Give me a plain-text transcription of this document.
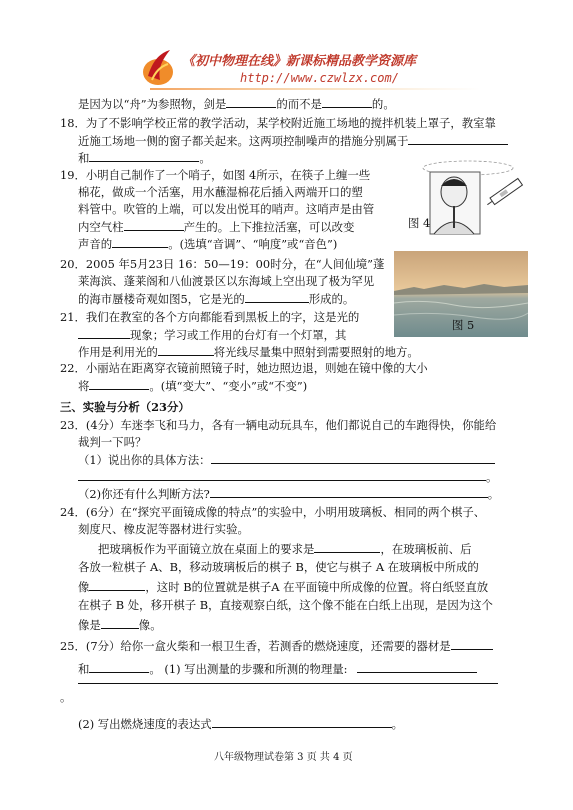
《初中物理在线》新课标精品教学资源库
http://www.czwlzx.com/
是因为以“舟”为参照物，剑是	的而不是	的。
18．为了不影响学校正常的教学活动，某学校附近施工场地的搅拌机装上罩子，教室靠
近施工场地一侧的窗子都关起来。这两项控制噪声的措施分别属于
和	。
图 4
19．小明自己制作了一个哨子，如图 4所示，在筷子上缠一些
棉花，做成一个活塞，用水蘸湿棉花后插入两端开口的塑
料管中。吹管的上端，可以发出悦耳的哨声。这哨声是由管
内空气柱	产生的。上下推拉活塞，可以改变
声音的	。(选填“音调”、“响度”或“音色”)
图 5
20．2005 年5月23日 16：50—19：00时分，在“人间仙境”蓬
莱海滨、蓬莱阁和八仙渡景区以东海域上空出现了极为罕见
的海市蜃楼奇观如图5，它是光的	形成的。
21．我们在教室的各个方向都能看到黑板上的字，这是光的
现象；学习或工作用的台灯有一个灯罩，其
作用是利用光的	将光线尽量集中照射到需要照射的地方。
22．小丽站在距离穿衣镜前照镜子时，她边照边退，则她在镜中像的大小
将	。(填“变大”、“变小”或“不变”)
三、实验与分析（23分）
23．(4分）车迷李飞和马力，各有一辆电动玩具车，他们都说自己的车跑得快，你能给
裁判一下吗？
（1）说出你的具体方法：
。
（2)你还有什么判断方法?	。
24．(6分）在“探究平面镜成像的特点”的实验中，小明用玻璃板、相同的两个棋子、
刻度尺、橡皮泥等器材进行实验。
把玻璃板作为平面镜立放在桌面上的要求是	，在玻璃板前、后
各放一粒棋子 A、B，移动玻璃板后的棋子 B，使它与棋子 A 在玻璃板中所成的
像	，这时 B的位置就是棋子A 在平面镜中所成像的位置。将白纸竖直放
在棋子 B 处，移开棋子 B，直接观察白纸，这个像不能在白纸上出现，是因为这个
像是	像。
25．(7分）给你一盒火柴和一根卫生香，若测香的燃烧速度，还需要的器材是
和	。 (1) 写出测量的步骤和所测的物理量:
。
(2) 写出燃烧速度的表达式	。
八年级物理试卷第 3 页 共 4 页
